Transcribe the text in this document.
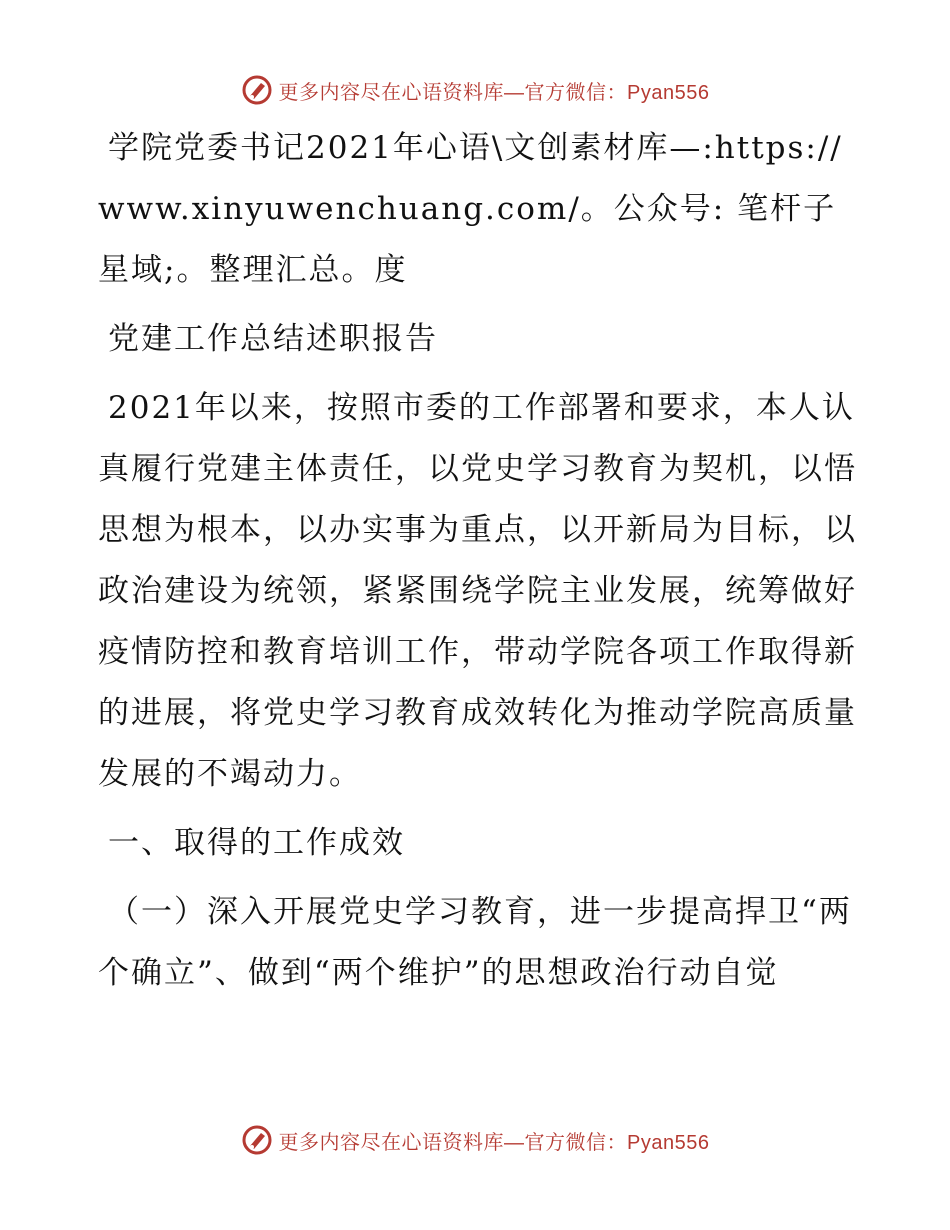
更多内容尽在心语资料库—官方微信：Pyan556

学院党委书记2021年心语\文创素材库—:https://www.xinyuwenchuang.com/。公众号: 笔杆子星域;。整理汇总。度

党建工作总结述职报告

2021年以来，按照市委的工作部署和要求，本人认真履行党建主体责任，以党史学习教育为契机，以悟思想为根本，以办实事为重点，以开新局为目标，以政治建设为统领，紧紧围绕学院主业发展，统筹做好疫情防控和教育培训工作，带动学院各项工作取得新的进展，将党史学习教育成效转化为推动学院高质量发展的不竭动力。

一、取得的工作成效

（一）深入开展党史学习教育，进一步提高捍卫“两个确立”、做到“两个维护”的思想政治行动自觉

更多内容尽在心语资料库—官方微信：Pyan556
